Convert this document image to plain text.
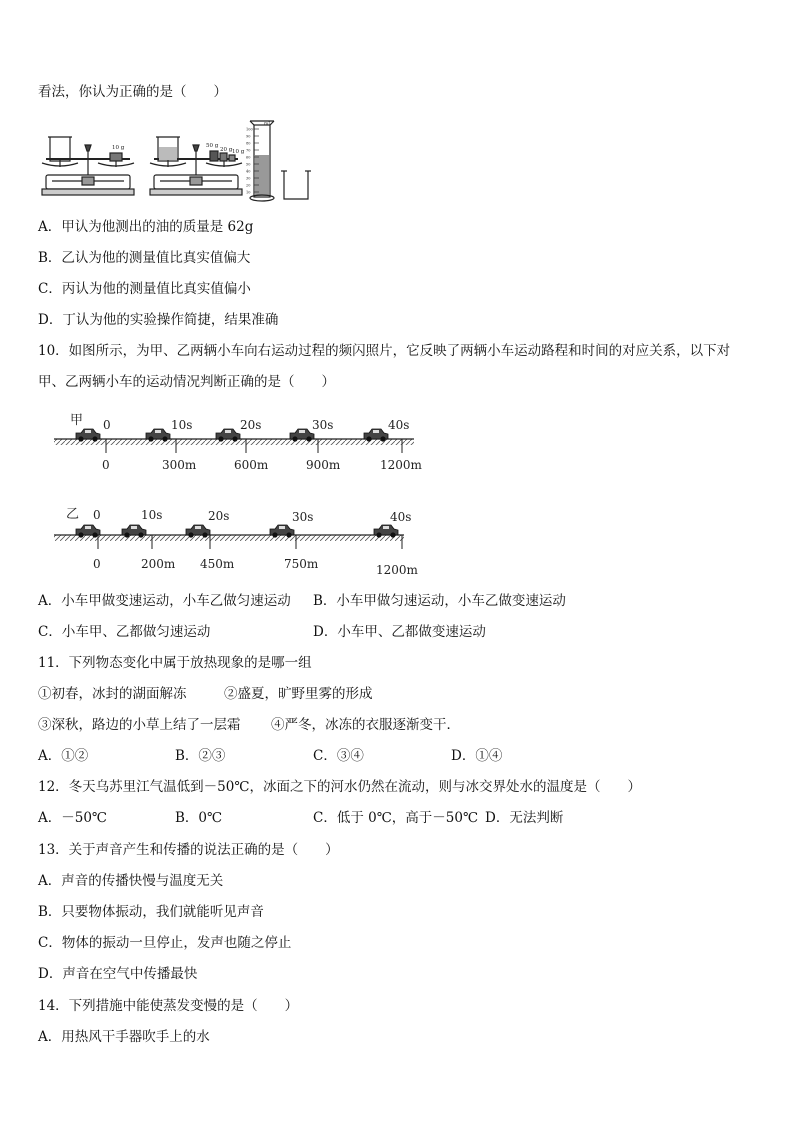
看法，你认为正确的是（　　）
10 g	50 g
20 g 10 g
mL
100
90
80
70
60
50
40
30
20
10
A．甲认为他测出的油的质量是 62g
B．乙认为他的测量值比真实值偏大
C．丙认为他的测量值比真实值偏小
D．丁认为他的实验操作简捷，结果准确
10．如图所示，为甲、乙两辆小车向右运动过程的频闪照片，它反映了两辆小车运动路程和时间的对应关系，以下对
甲、乙两辆小车的运动情况判断正确的是（　　）
甲 0
0
10s
300m
20s
600m
30s
900m
40s
1200m
乙 0
0
10s
200m
20s
450m
30s
750m
40s
1200m
A．小车甲做变速运动，小车乙做匀速运动 B．小车甲做匀速运动，小车乙做变速运动
C．小车甲、乙都做匀速运动	D．小车甲、乙都做变速运动
11．下列物态变化中属于放热现象的是哪一组
①初春，冰封的湖面解冻	②盛夏，旷野里雾的形成
③深秋，路边的小草上结了一层霜 ④严冬，冰冻的衣服逐渐变干．
A．①②	B．②③	C．③④	D．①④
12．冬天乌苏里江气温低到－50℃，冰面之下的河水仍然在流动，则与冰交界处水的温度是（　　）
A．－50℃	B．0℃	C．低于 0℃，高于－50℃ D．无法判断
13．关于声音产生和传播的说法正确的是（　　）
A．声音的传播快慢与温度无关
B．只要物体振动，我们就能听见声音
C．物体的振动一旦停止，发声也随之停止
D．声音在空气中传播最快
14．下列措施中能使蒸发变慢的是（　　）
A．用热风干手器吹手上的水
